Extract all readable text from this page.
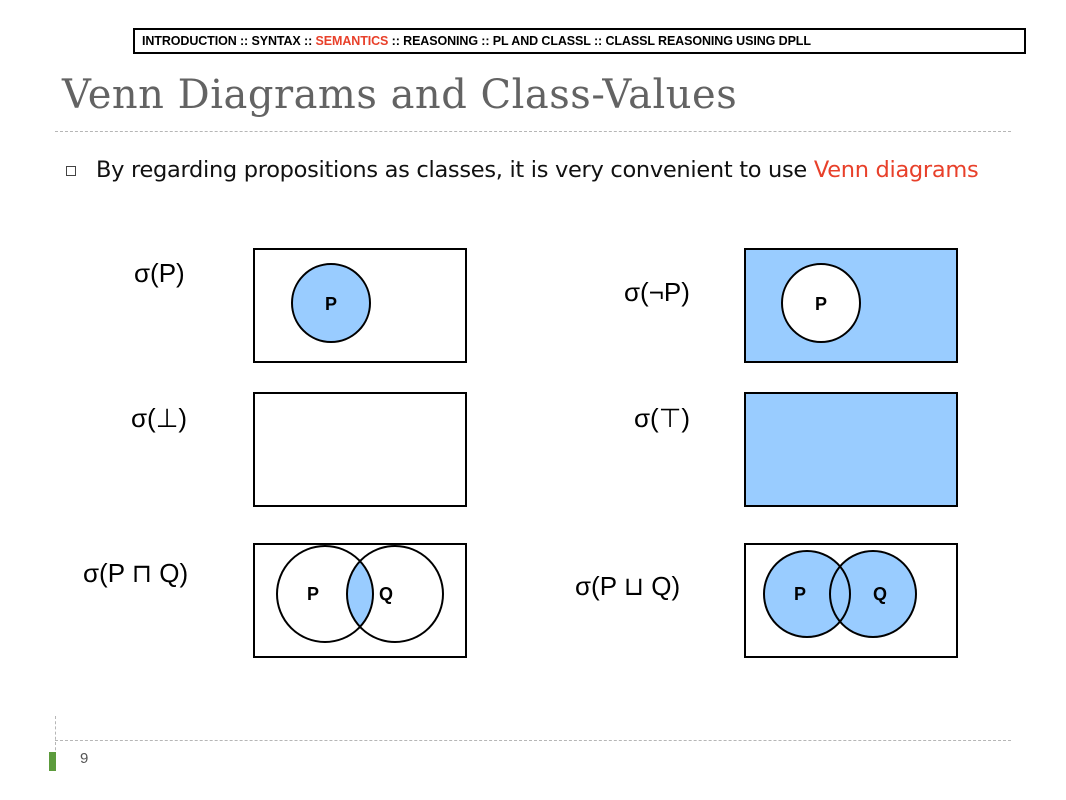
INTRODUCTION :: SYNTAX :: SEMANTICS :: REASONING :: PL AND CLASSL :: CLASSL REASONING USING DPLL
Venn Diagrams and Class-Values
By regarding propositions as classes, it is very convenient to use Venn diagrams
σ(P)
P	σ(¬P)	P
σ(⊥)	σ(⊤)
σ(P ⊓ Q)
P	Q	σ(P ⊔ Q)	P	Q
9
